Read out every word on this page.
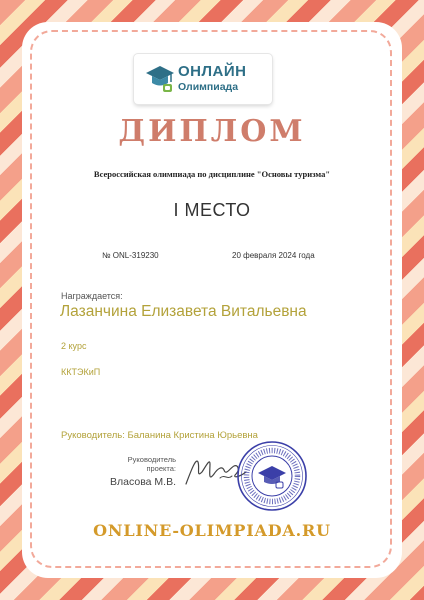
ОНЛАЙН
Олимпиада
ДИПЛОМ
Всероссийская олимпиада по дисциплине "Основы туризма"
I МЕСТО
№ ONL-319230	20 февраля 2024 года
Награждается:
Лазанчина Елизавета Витальевна
2 курс
ККТЭКиП
Руководитель: Баланина Кристина Юрьевна
Руководитель
проекта:
Власова М.В.
ONLINE-OLIMPIADA.RU
